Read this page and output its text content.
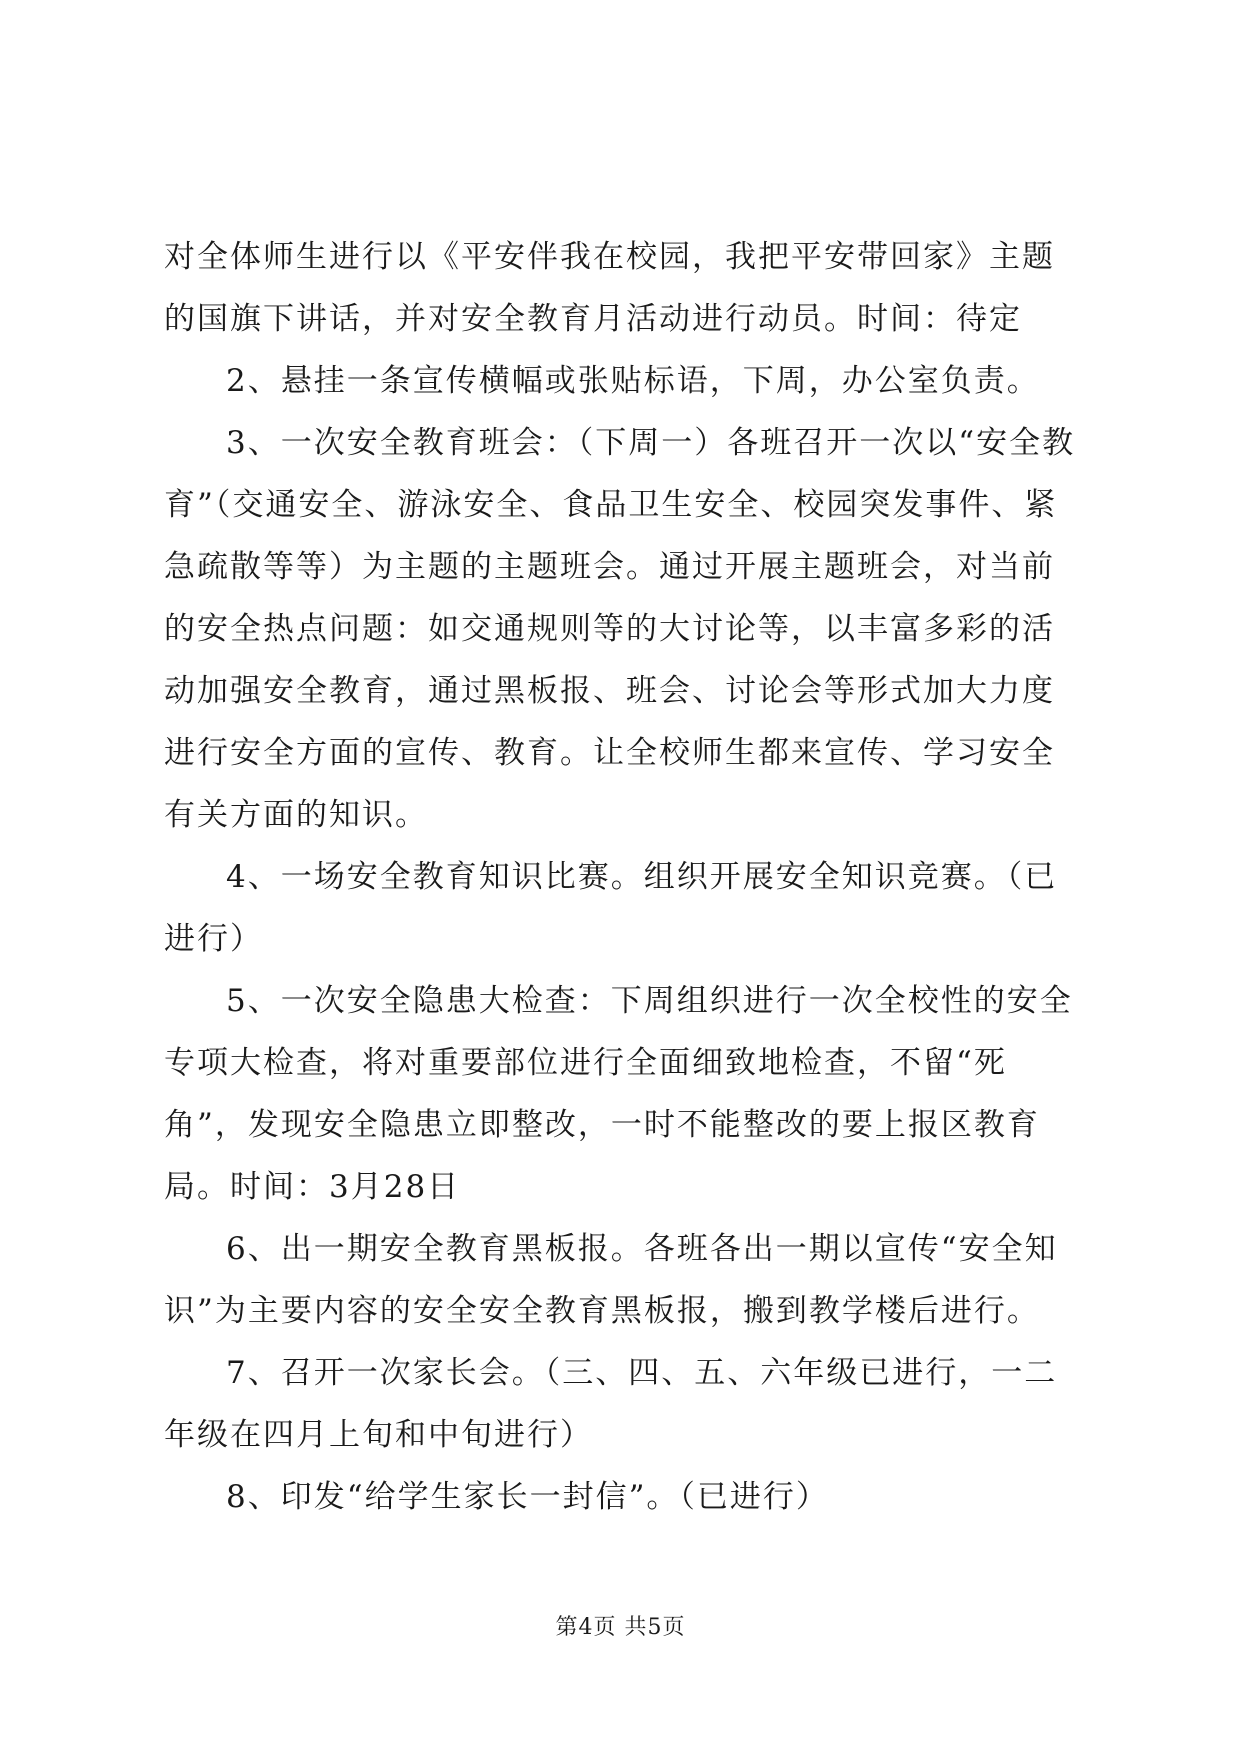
对全体师生进行以《平安伴我在校园，我把平安带回家》主题的国旗下讲话，并对安全教育月活动进行动员。时间：待定

2、悬挂一条宣传横幅或张贴标语，下周，办公室负责。

3、一次安全教育班会：（下周一）各班召开一次以“安全教育”（交通安全、游泳安全、食品卫生安全、校园突发事件、紧急疏散等等）为主题的主题班会。通过开展主题班会，对当前的安全热点问题：如交通规则等的大讨论等，以丰富多彩的活动加强安全教育，通过黑板报、班会、讨论会等形式加大力度进行安全方面的宣传、教育。让全校师生都来宣传、学习安全有关方面的知识。

4、一场安全教育知识比赛。组织开展安全知识竞赛。（已进行）

5、一次安全隐患大检查：下周组织进行一次全校性的安全专项大检查，将对重要部位进行全面细致地检查，不留“死角”，发现安全隐患立即整改，一时不能整改的要上报区教育局。时间：3月28日

6、出一期安全教育黑板报。各班各出一期以宣传“安全知识”为主要内容的安全安全教育黑板报，搬到教学楼后进行。

7、召开一次家长会。（三、四、五、六年级已进行，一二年级在四月上旬和中旬进行）

8、印发“给学生家长一封信”。（已进行）

第4页 共5页
